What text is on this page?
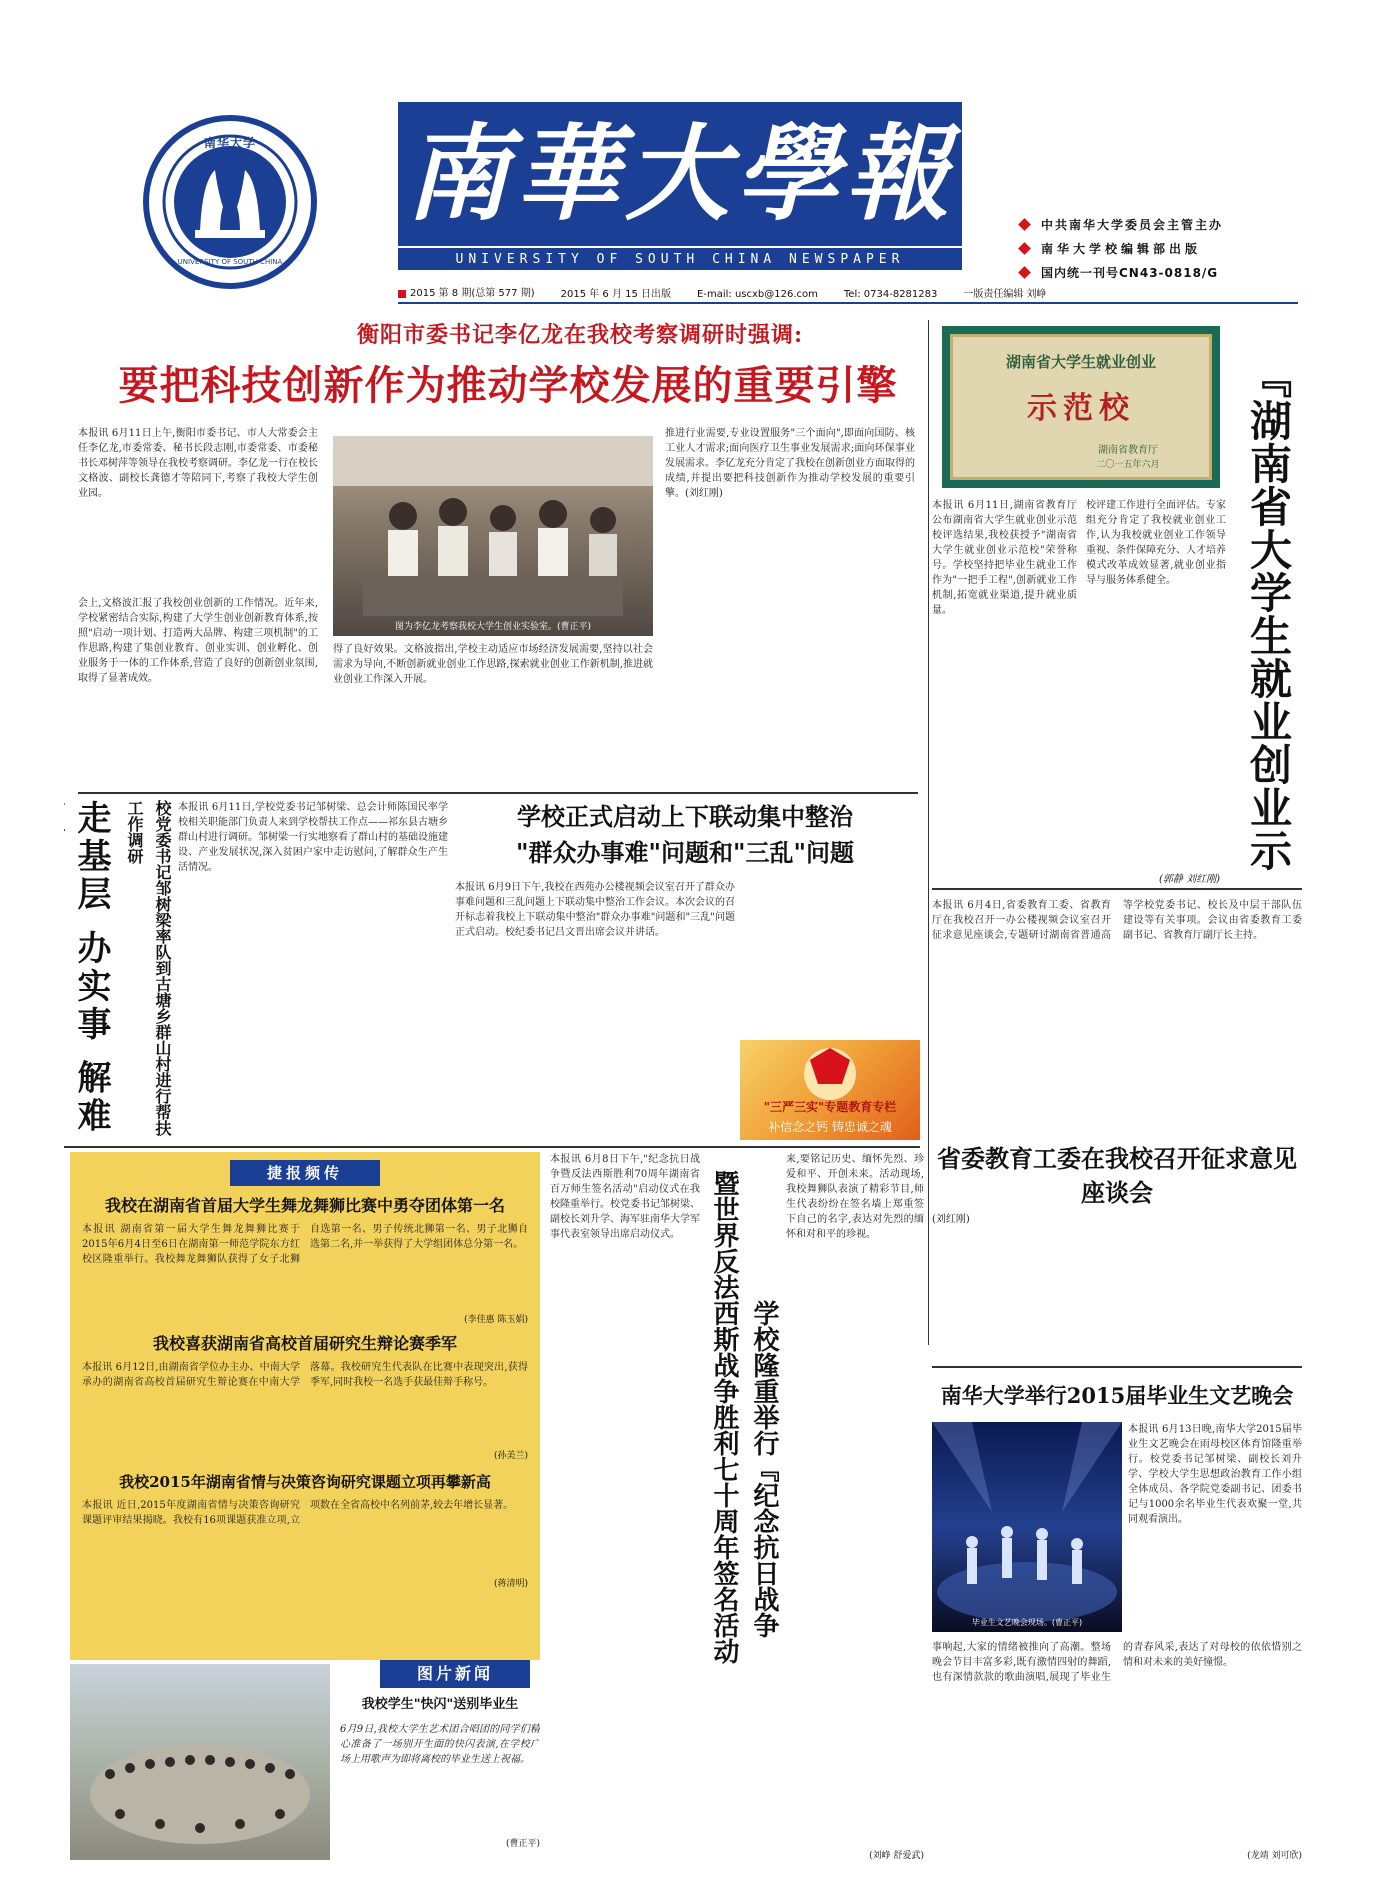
南华大学
UNIVERSITY OF SOUTH CHINA
南華大學報
UNIVERSITY OF SOUTH CHINA NEWSPAPER
中共南华大学委员会主管主办
南华大学校编辑部出版
国内统一刊号CN43-0818/G
2015 第 8 期(总第 577 期)	2015 年 6 月 15 日出版	E-mail: uscxb@126.com	Tel: 0734-8281283	一版责任编辑 刘峥
衡阳市委书记李亿龙在我校考察调研时强调:
要把科技创新作为推动学校发展的重要引擎
本报讯 6月11日上午,衡阳市委书记、市人大常委会主任李亿龙,市委常委、秘书长段志刚,市委常委、市委秘书长邓树萍等领导在我校考察调研。李亿龙一行在校长文格波、副校长龚德才等陪同下,考察了我校大学生创业园。
图为李亿龙考察我校大学生创业实验室。(曹正平)
会上,文格波汇报了我校创业创新的工作情况。近年来,学校紧密结合实际,构建了大学生创业创新教育体系,按照"启动一项计划、打造两大品牌、构建三项机制"的工作思路,构建了集创业教育、创业实训、创业孵化、创业服务于一体的工作体系,营造了良好的创新创业氛围,取得了显著成效。
得了良好效果。文格波指出,学校主动适应市场经济发展需要,坚持以社会需求为导向,不断创新就业创业工作思路,探索就业创业工作新机制,推进就业创业工作深入开展。
推进行业需要,专业设置服务"三个面向",即面向国防、核工业人才需求;面向医疗卫生事业发展需求;面向环保事业发展需求。李亿龙充分肯定了我校在创新创业方面取得的成绩,并提出要把科技创新作为推动学校发展的重要引擎。(刘红刚)
湖南省大学生就业创业
示范校
湖南省教育厅
二〇一五年六月
『湖南省大学生就业创业示
本报讯 6月11日,湖南省教育厅公布湖南省大学生就业创业示范校评选结果,我校获授予"湖南省大学生就业创业示范校"荣誉称号。学校坚持把毕业生就业工作作为"一把手工程",创新就业工作机制,拓宽就业渠道,提升就业质量。
校评建工作进行全面评估。专家组充分肯定了我校就业创业工作,认为我校就业创业工作领导重视、条件保障充分、人才培养模式改革成效显著,就业创业指导与服务体系健全。
(郭静 刘红刚)
走基层 办实事 解难	校党委书记邹树梁率队到古塘乡群山村进行帮扶工作调研	本报讯 6月11日,学校党委书记邹树梁、总会计师陈国民率学校相关职能部门负责人来到学校帮扶工作点——祁东县古塘乡群山村进行调研。邹树梁一行实地察看了群山村的基础设施建设、产业发展状况,深入贫困户家中走访慰问,了解群众生产生活情况。
学校正式启动上下联动集中整治
"群众办事难"问题和"三乱"问题
本报讯 6月9日下午,我校在西苑办公楼视频会议室召开了群众办事难问题和三乱问题上下联动集中整治工作会议。本次会议的召开标志着我校上下联动集中整治"群众办事难"问题和"三乱"问题正式启动。校纪委书记吕文晋出席会议并讲话。
"三严三实"专题教育专栏
补信念之钙 铸忠诚之魂
本报讯 6月4日,省委教育工委、省教育厅在我校召开一办公楼视频会议室召开征求意见座谈会,专题研讨湖南省普通高等学校党委书记、校长及中层干部队伍建设等有关事项。会议由省委教育工委副书记、省教育厅副厅长主持。
省委教育工委在我校召开征求意见座谈会
(刘红刚)
捷报频传
我校在湖南省首届大学生舞龙舞狮比赛中勇夺团体第一名
本报讯 湖南省第一届大学生舞龙舞狮比赛于2015年6月4日至6日在湖南第一师范学院东方红校区隆重举行。我校舞龙舞狮队获得了女子北狮自选第一名、男子传统北狮第一名、男子北狮自选第二名,并一举获得了大学组团体总分第一名。
(李佳惠 陈玉娟)
我校喜获湖南省高校首届研究生辩论赛季军
本报讯 6月12日,由湖南省学位办主办、中南大学承办的湖南省高校首届研究生辩论赛在中南大学落幕。我校研究生代表队在比赛中表现突出,获得季军,同时我校一名选手获最佳辩手称号。
(孙美兰)
我校2015年湖南省情与决策咨询研究课题立项再攀新高
本报讯 近日,2015年度湖南省情与决策咨询研究课题评审结果揭晓。我校有16项课题获准立项,立项数在全省高校中名列前茅,较去年增长显著。
(蒋清明)
图片新闻
我校学生"快闪"送别毕业生
6月9日,我校大学生艺术团合唱团的同学们精心准备了一场别开生面的快闪表演,在学校广场上用歌声为即将离校的毕业生送上祝福。
(曹正平)
本报讯 6月8日下午,"纪念抗日战争暨反法西斯胜利70周年湖南省百万师生签名活动"启动仪式在我校隆重举行。校党委书记邹树梁、副校长刘升学、海军驻南华大学军事代表室领导出席启动仪式。	暨世界反法西斯战争胜利七十周年签名活动 学校隆重举行『纪念抗日战争
来,要铭记历史、缅怀先烈、珍爱和平、开创未来。活动现场,我校舞狮队表演了精彩节目,师生代表纷纷在签名墙上郑重签下自己的名字,表达对先烈的缅怀和对和平的珍视。
(刘峥 舒爱武)
南华大学举行2015届毕业生文艺晚会
毕业生文艺晚会现场。(曹正平)
本报讯 6月13日晚,南华大学2015届毕业生文艺晚会在雨母校区体育馆隆重举行。校党委书记邹树梁、副校长刘升学、学校大学生思想政治教育工作小组全体成员、各学院党委副书记、团委书记与1000余名毕业生代表欢聚一堂,共同观看演出。
事响起,大家的情绪被推向了高潮。整场晚会节目丰富多彩,既有激情四射的舞蹈,也有深情款款的歌曲演唱,展现了毕业生的青春风采,表达了对母校的依依惜别之情和对未来的美好憧憬。
(龙靖 刘可欣)
